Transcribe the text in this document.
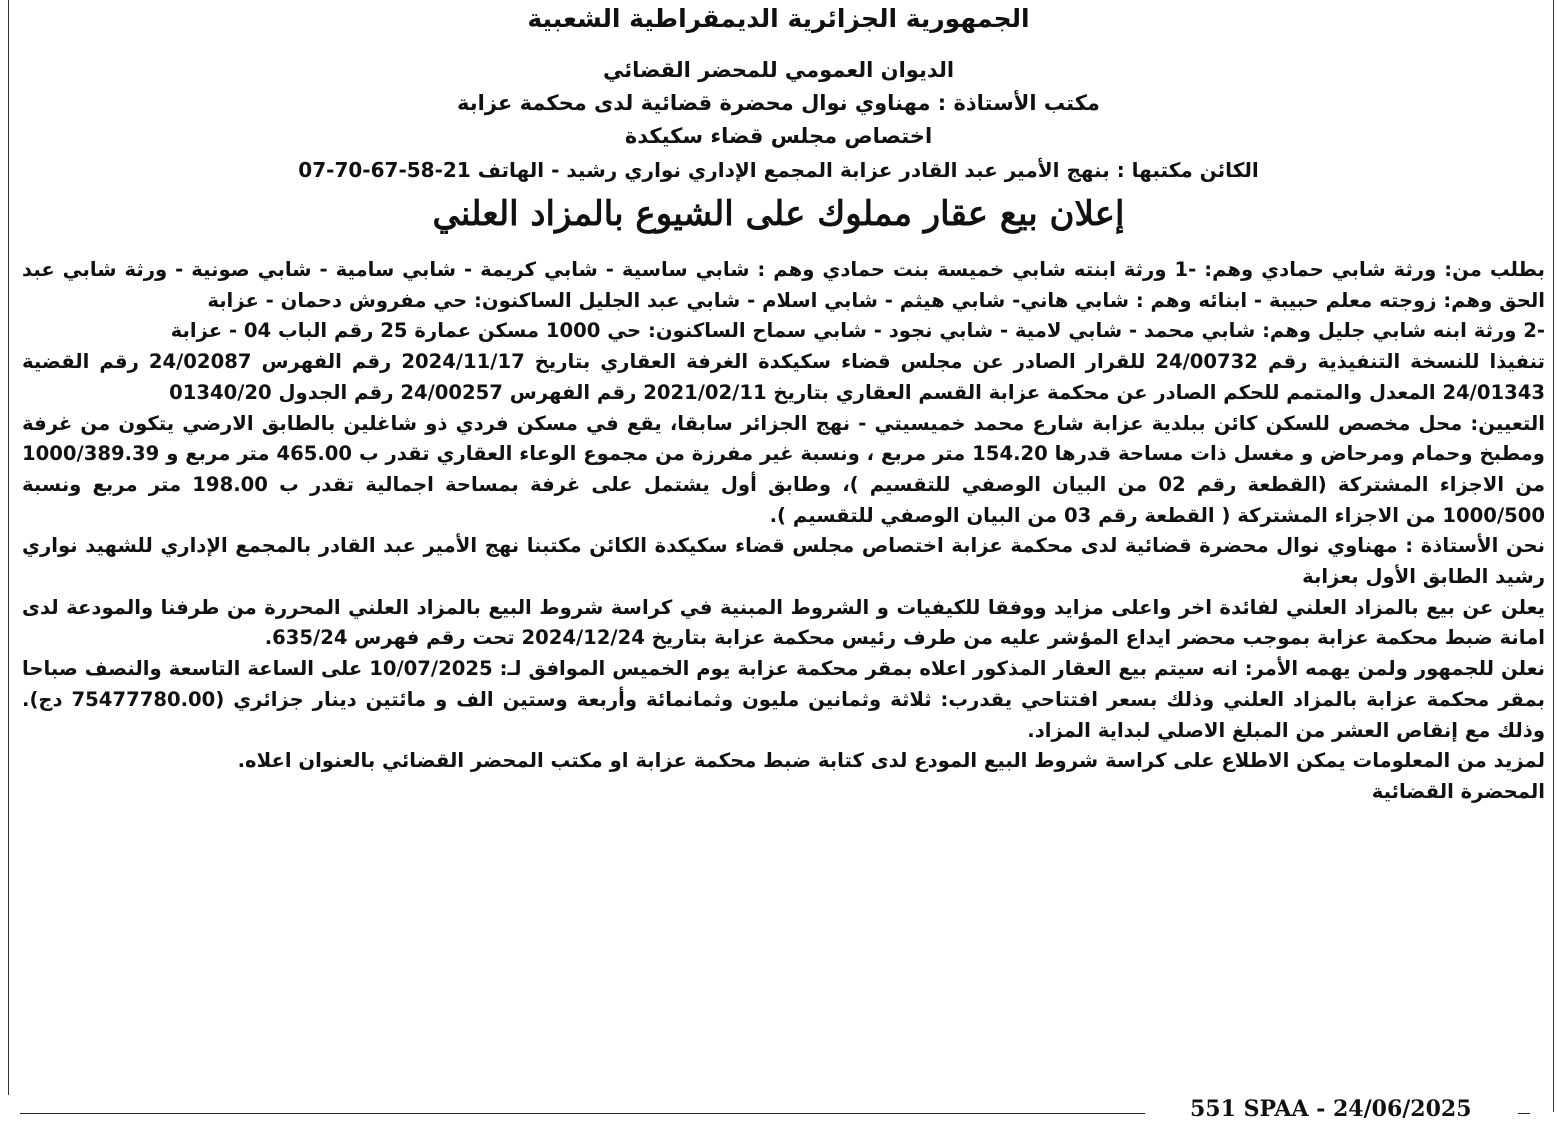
الجمهورية الجزائرية الديمقراطية الشعبية
الديوان العمومي للمحضر القضائي
مكتب الأستاذة : مهناوي نوال محضرة قضائية لدى محكمة عزابة
اختصاص مجلس قضاء سكيكدة
الكائن مكتبها : بنهج الأمير عبد القادر عزابة المجمع الإداري نواري رشيد - الهاتف 21-58-67-70-07
إعلان بيع عقار مملوك على الشيوع بالمزاد العلني

بطلب من: ورثة شابي حمادي وهم: -1 ورثة ابنته شابي خميسة بنت حمادي وهم : شابي ساسية - شابي كريمة - شابي سامية - شابي صونية - ورثة شابي عبد الحق وهم: زوجته معلم حبيبة - ابنائه وهم : شابي هاني- شابي هيثم - شابي اسلام - شابي عبد الجليل الساكنون: حي مفروش دحمان - عزابة

-2 ورثة ابنه شابي جليل وهم: شابي محمد - شابي لامية - شابي نجود - شابي سماح الساكنون: حي 1000 مسكن عمارة 25 رقم الباب 04 - عزابة

تنفيذا للنسخة التنفيذية رقم 24/00732 للقرار الصادر عن مجلس قضاء سكيكدة الغرفة العقاري بتاريخ 2024/11/17 رقم الفهرس 24/02087 رقم القضية 24/01343 المعدل والمتمم للحكم الصادر عن محكمة عزابة القسم العقاري بتاريخ 2021/02/11 رقم الفهرس 24/00257 رقم الجدول 01340/20

التعيين: محل مخصص للسكن كائن ببلدية عزابة شارع محمد خميسيتي - نهج الجزائر سابقا، يقع في مسكن فردي ذو شاغلين بالطابق الارضي يتكون من غرفة ومطبخ وحمام ومرحاض و مغسل ذات مساحة قدرها 154.20 متر مربع ، ونسبة غير مفرزة من مجموع الوعاء العقاري تقدر ب 465.00 متر مربع و 1000/389.39 من الاجزاء المشتركة (القطعة رقم 02 من البيان الوصفي للتقسيم )، وطابق أول يشتمل على غرفة بمساحة اجمالية تقدر ب 198.00 متر مربع ونسبة 1000/500 من الاجزاء المشتركة ( القطعة رقم 03 من البيان الوصفي للتقسيم ).

نحن الأستاذة : مهناوي نوال محضرة قضائية لدى محكمة عزابة اختصاص مجلس قضاء سكيكدة الكائن مكتبنا نهج الأمير عبد القادر بالمجمع الإداري للشهيد نواري رشيد الطابق الأول بعزابة

يعلن عن بيع بالمزاد العلني لفائدة اخر واعلى مزايد ووفقا للكيفيات و الشروط المبنية في كراسة شروط البيع بالمزاد العلني المحررة من طرفنا والمودعة لدى امانة ضبط محكمة عزابة بموجب محضر ايداع المؤشر عليه من طرف رئيس محكمة عزابة بتاريخ 2024/12/24 تحت رقم فهرس 635/24.

نعلن للجمهور ولمن يهمه الأمر: انه سيتم بيع العقار المذكور اعلاه بمقر محكمة عزابة يوم الخميس الموافق لـ: 10/07/2025 على الساعة التاسعة والنصف صباحا بمقر محكمة عزابة بالمزاد العلني وذلك بسعر افتتاحي يقدرب: ثلاثة وثمانين مليون وثمانمائة وأربعة وستين الف و مائتين دينار جزائري (75477780.00 دج). وذلك مع إنقاص العشر من المبلغ الاصلي لبداية المزاد.

لمزيد من المعلومات يمكن الاطلاع على كراسة شروط البيع المودع لدى كتابة ضبط محكمة عزابة او مكتب المحضر القضائي بالعنوان اعلاه.

المحضرة القضائية

551 SPAA - 24/06/2025
